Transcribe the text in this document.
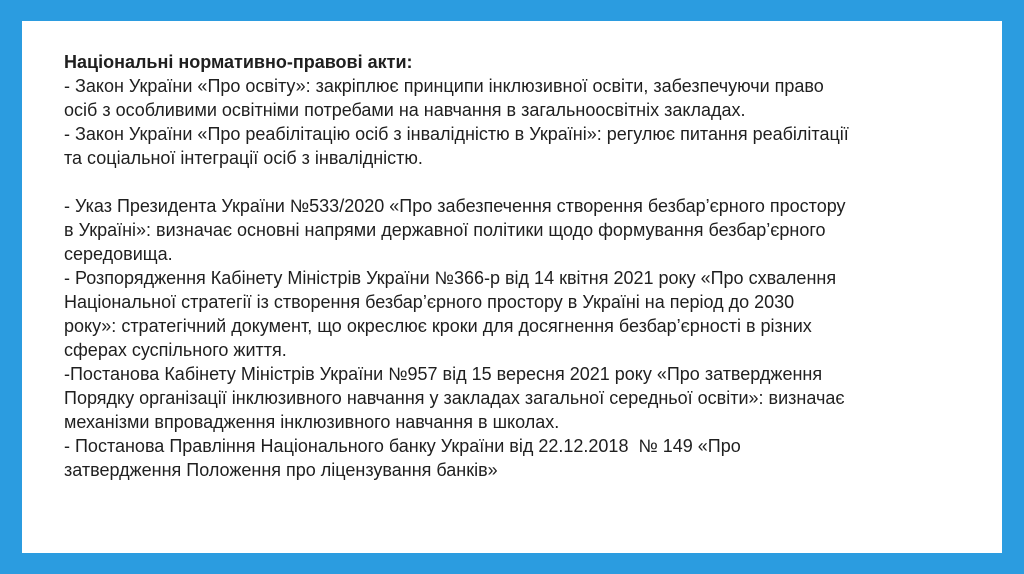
Національні нормативно-правові акти:
- Закон України «Про освіту»: закріплює принципи інклюзивної освіти, забезпечуючи право
осіб з особливими освітніми потребами на навчання в загальноосвітніх закладах.
- Закон України «Про реабілітацію осіб з інвалідністю в Україні»: регулює питання реабілітації
та соціальної інтеграції осіб з інвалідністю.
- Указ Президента України №533/2020 «Про забезпечення створення безбар’єрного простору
в Україні»: визначає основні напрями державної політики щодо формування безбар’єрного
середовища.
- Розпорядження Кабінету Міністрів України №366-р від 14 квітня 2021 року «Про схвалення
Національної стратегії із створення безбар’єрного простору в Україні на період до 2030
року»: стратегічний документ, що окреслює кроки для досягнення безбар’єрності в різних
сферах суспільного життя.
-Постанова Кабінету Міністрів України №957 від 15 вересня 2021 року «Про затвердження
Порядку організації інклюзивного навчання у закладах загальної середньої освіти»: визначає
механізми впровадження інклюзивного навчання в школах.
- Постанова Правління Національного банку України від 22.12.2018  № 149 «Про
затвердження Положення про ліцензування банків»
